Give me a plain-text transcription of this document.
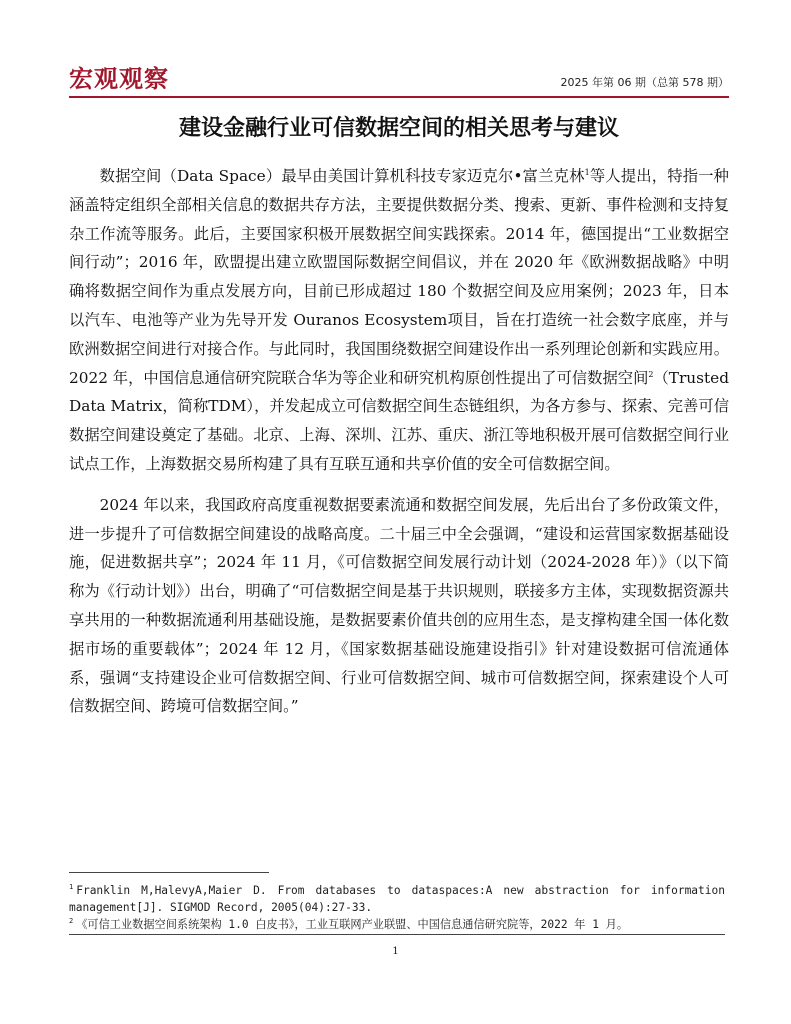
宏观观察	2025 年第 06 期（总第 578 期）
建设金融行业可信数据空间的相关思考与建议

数据空间（Data Space）最早由美国计算机科技专家迈克尔•富兰克林$^1$等人提出，特指一种涵盖特定组织全部相关信息的数据共存方法，主要提供数据分类、搜索、更新、事件检测和支持复杂工作流等服务。此后，主要国家积极开展数据空间实践探索。2014 年，德国提出“工业数据空间行动”；2016 年，欧盟提出建立欧盟国际数据空间倡议，并在 2020 年《欧洲数据战略》中明确将数据空间作为重点发展方向，目前已形成超过 180 个数据空间及应用案例；2023 年，日本以汽车、电池等产业为先导开发 Ouranos Ecosystem项目，旨在打造统一社会数字底座，并与欧洲数据空间进行对接合作。与此同时，我国围绕数据空间建设作出一系列理论创新和实践应用。2022 年，中国信息通信研究院联合华为等企业和研究机构原创性提出了可信数据空间$^2$（Trusted Data Matrix，简称TDM），并发起成立可信数据空间生态链组织，为各方参与、探索、完善可信数据空间建设奠定了基础。北京、上海、深圳、江苏、重庆、浙江等地积极开展可信数据空间行业试点工作，上海数据交易所构建了具有互联互通和共享价值的安全可信数据空间。

2024 年以来，我国政府高度重视数据要素流通和数据空间发展，先后出台了多份政策文件，进一步提升了可信数据空间建设的战略高度。二十届三中全会强调，“建设和运营国家数据基础设施，促进数据共享”；2024 年 11 月，《可信数据空间发展行动计划（2024-2028 年）》（以下简称为《行动计划》）出台，明确了“可信数据空间是基于共识规则，联接多方主体，实现数据资源共享共用的一种数据流通利用基础设施，是数据要素价值共创的应用生态，是支撑构建全国一体化数据市场的重要载体”；2024 年 12 月，《国家数据基础设施建设指引》针对建设数据可信流通体系，强调“支持建设企业可信数据空间、行业可信数据空间、城市可信数据空间，探索建设个人可信数据空间、跨境可信数据空间。”

$^1$ Franklin M,HalevyA,Maier D. From databases to dataspaces:A new abstraction for information management[J]. SIGMOD Record, 2005(04):27-33.

$^2$ 《可信工业数据空间系统架构 1.0 白皮书》，工业互联网产业联盟、中国信息通信研究院等，2022 年 1 月。

1
